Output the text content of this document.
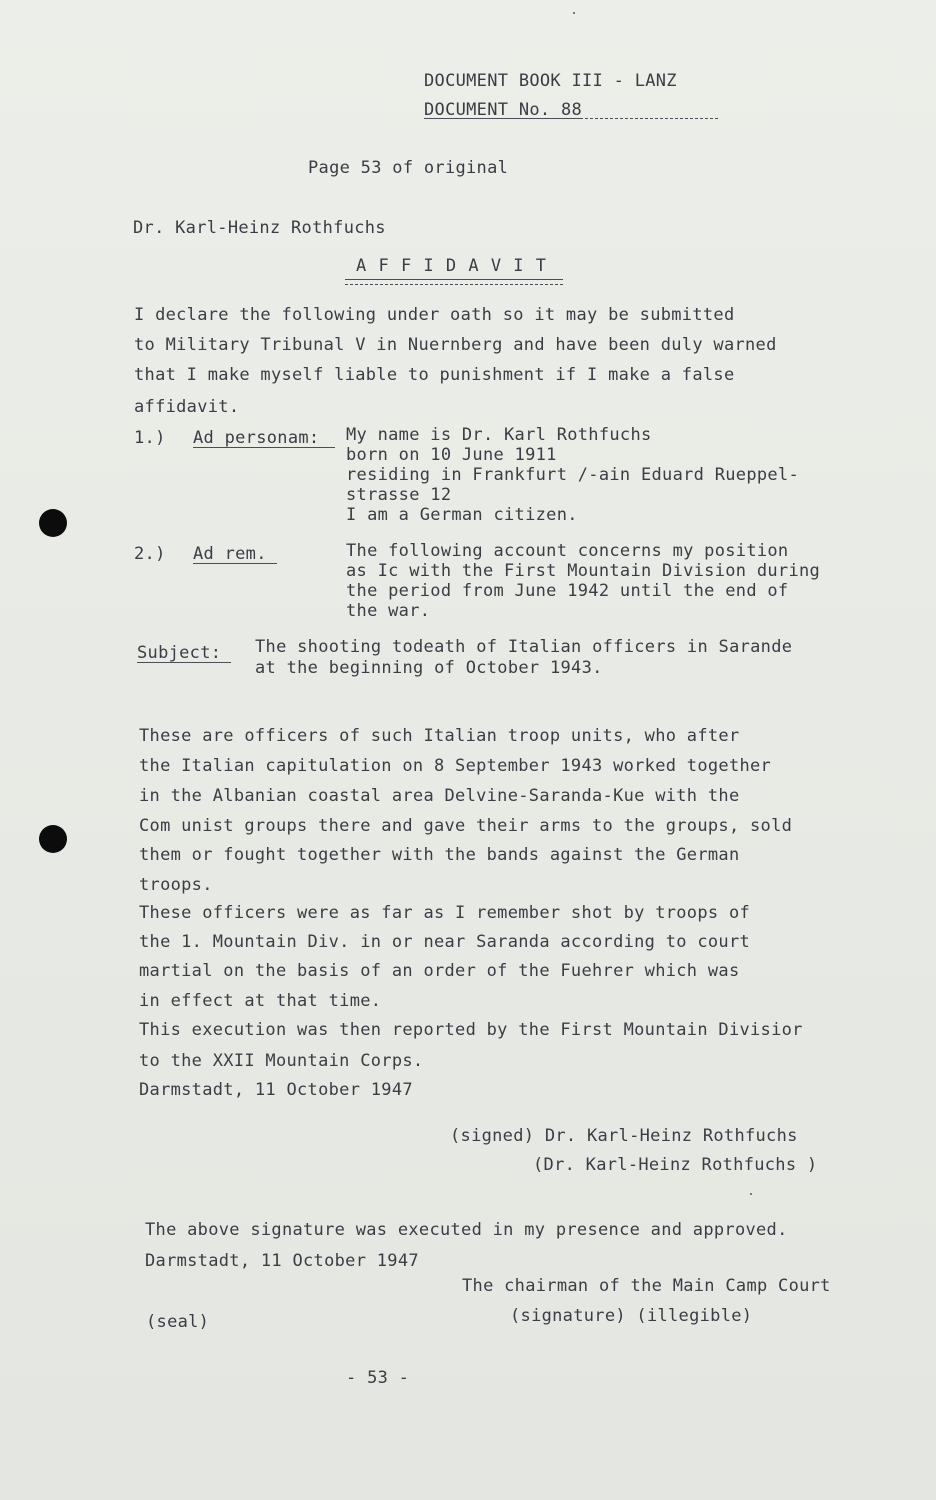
DOCUMENT BOOK III - LANZ
DOCUMENT No. 88
Page 53 of original
Dr. Karl-Heinz Rothfuchs
A F F I D A V I T
I declare the following under oath so it may be submitted
to Military Tribunal V in Nuernberg and have been duly warned
that I make myself liable to punishment if I make a false
affidavit.
1.) Ad personam: My name is Dr. Karl Rothfuchs
born on 10 June 1911
residing in Frankfurt /-ain Eduard Rueppel-
strasse 12
I am a German citizen.
2.) Ad rem.	The following account concerns my position
as Ic with the First Mountain Division during
the period from June 1942 until the end of
the war.
Subject: The shooting todeath of Italian officers in Sarande
at the beginning of October 1943.
These are officers of such Italian troop units, who after
the Italian capitulation on 8 September 1943 worked together
in the Albanian coastal area Delvine-Saranda-Kue with the
Com unist groups there and gave their arms to the groups, sold
them or fought together with the bands against the German
troops.
These officers were as far as I remember shot by troops of
the 1. Mountain Div. in or near Saranda according to court
martial on the basis of an order of the Fuehrer which was
in effect at that time.
This execution was then reported by the First Mountain Divisior
to the XXII Mountain Corps.
Darmstadt, 11 October 1947
(signed) Dr. Karl-Heinz Rothfuchs
(Dr. Karl-Heinz Rothfuchs )
The above signature was executed in my presence and approved.
Darmstadt, 11 October 1947
The chairman of the Main Camp Court
(seal)	(signature) (illegible)
- 53 -
